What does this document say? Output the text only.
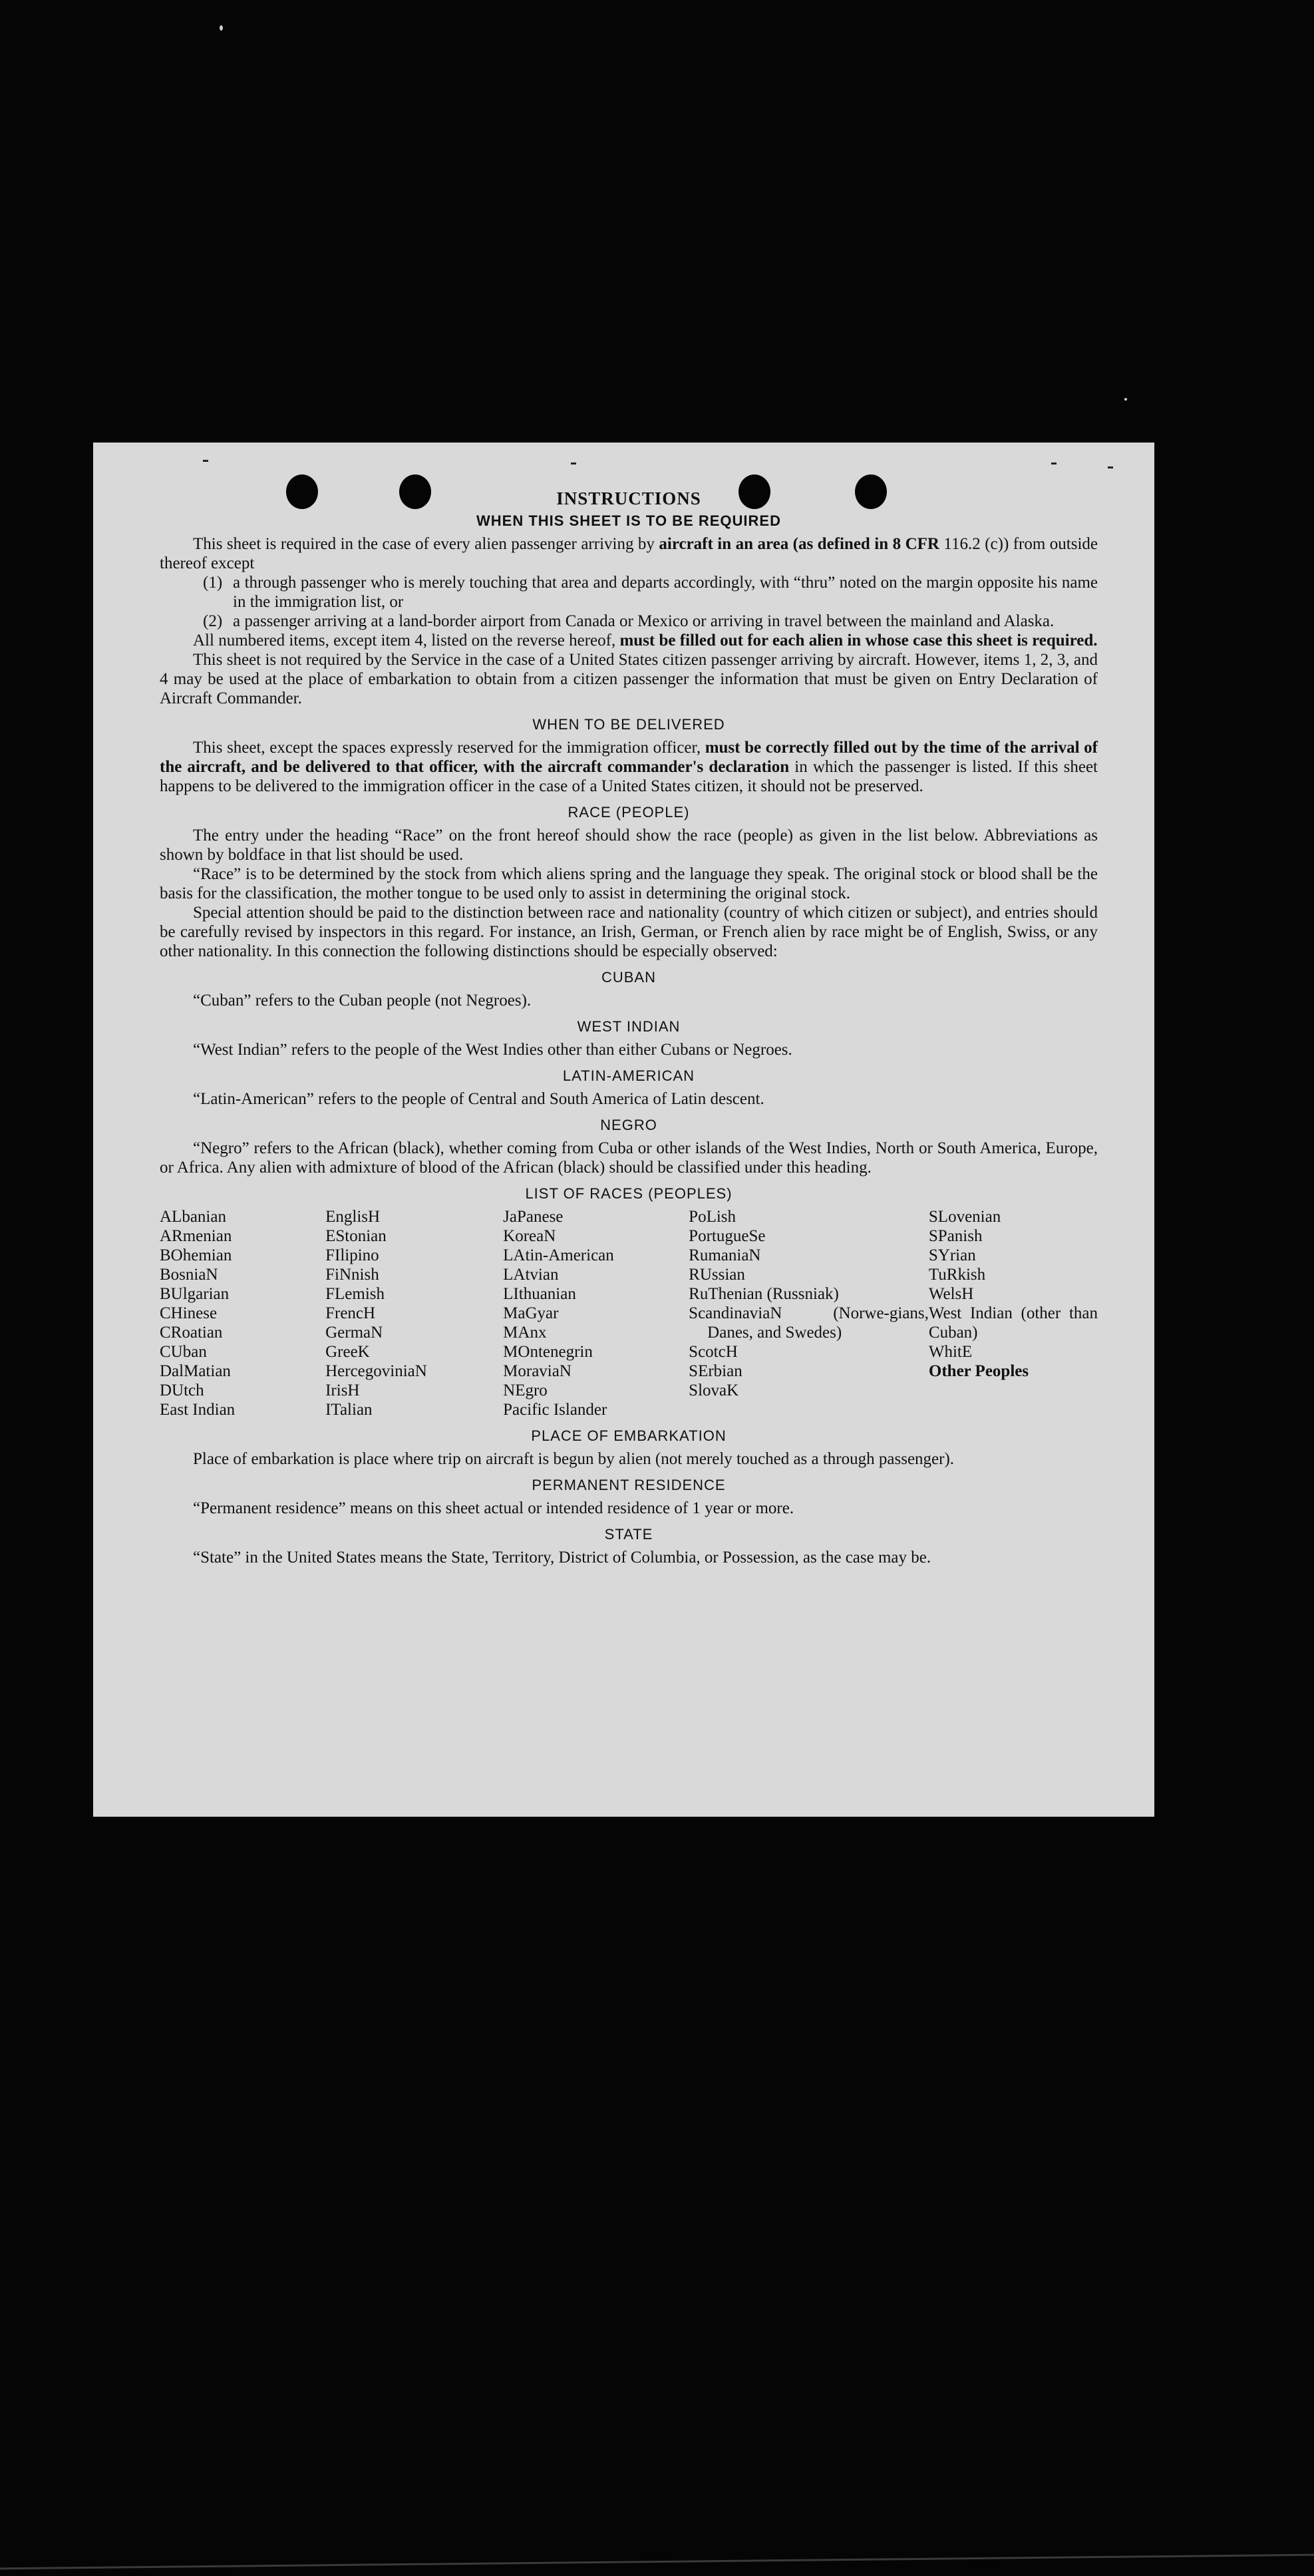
INSTRUCTIONS
WHEN THIS SHEET IS TO BE REQUIRED

This sheet is required in the case of every alien passenger arriving by aircraft in an area (as defined in 8 CFR 116.2 (c)) from outside thereof except

(1) a through passenger who is merely touching that area and departs accordingly, with “thru” noted on the margin opposite his name in the immigration list, or
(2) a passenger arriving at a land-border airport from Canada or Mexico or arriving in travel between the mainland and Alaska.

All numbered items, except item 4, listed on the reverse hereof, must be filled out for each alien in whose case this sheet is required.

This sheet is not required by the Service in the case of a United States citizen passenger arriving by aircraft. However, items 1, 2, 3, and 4 may be used at the place of embarkation to obtain from a citizen passenger the information that must be given on Entry Declaration of Aircraft Commander.

WHEN TO BE DELIVERED

This sheet, except the spaces expressly reserved for the immigration officer, must be correctly filled out by the time of the arrival of the aircraft, and be delivered to that officer, with the aircraft commander's declaration in which the passenger is listed. If this sheet happens to be delivered to the immigration officer in the case of a United States citizen, it should not be preserved.

RACE (PEOPLE)

The entry under the heading “Race” on the front hereof should show the race (people) as given in the list below. Abbreviations as shown by boldface in that list should be used.

“Race” is to be determined by the stock from which aliens spring and the language they speak. The original stock or blood shall be the basis for the classification, the mother tongue to be used only to assist in determining the original stock.

Special attention should be paid to the distinction between race and nationality (country of which citizen or subject), and entries should be carefully revised by inspectors in this regard. For instance, an Irish, German, or French alien by race might be of English, Swiss, or any other nationality. In this connection the following distinctions should be especially observed:

CUBAN
“Cuban” refers to the Cuban people (not Negroes).
WEST INDIAN
“West Indian” refers to the people of the West Indies other than either Cubans or Negroes.
LATIN-AMERICAN
“Latin-American” refers to the people of Central and South America of Latin descent.
NEGRO

“Negro” refers to the African (black), whether coming from Cuba or other islands of the West Indies, North or South America, Europe, or Africa. Any alien with admixture of blood of the African (black) should be classified under this heading.

LIST OF RACES (PEOPLES)
ALbanian
ARmenian
BOhemian
BosniaN
BUlgarian
CHinese
CRoatian
CUban
DalMatian
DUtch
East Indian
EnglisH
EStonian
FIlipino
FiNnish
FLemish
FrencH
GermaN
GreeK
HercegoviniaN
IrisH
ITalian
JaPanese
KoreaN
LAtin-American
LAtvian
LIthuanian
MaGyar
MAnx
MOntenegrin
MoraviaN
NEgro
Pacific Islander
PoLish
PortugueSe
RumaniaN
RUssian
RuThenian (Russniak)
ScandinaviaN (Norwe-gians, Danes, and Swedes)
ScotcH
SErbian
SlovaK
SLovenian
SPanish
SYrian
TuRkish
WelsH
West Indian (other than Cuban)
WhitE
Other Peoples
PLACE OF EMBARKATION

Place of embarkation is place where trip on aircraft is begun by alien (not merely touched as a through passenger).

PERMANENT RESIDENCE
“Permanent residence” means on this sheet actual or intended residence of 1 year or more.
STATE

“State” in the United States means the State, Territory, District of Columbia, or Possession, as the case may be.
